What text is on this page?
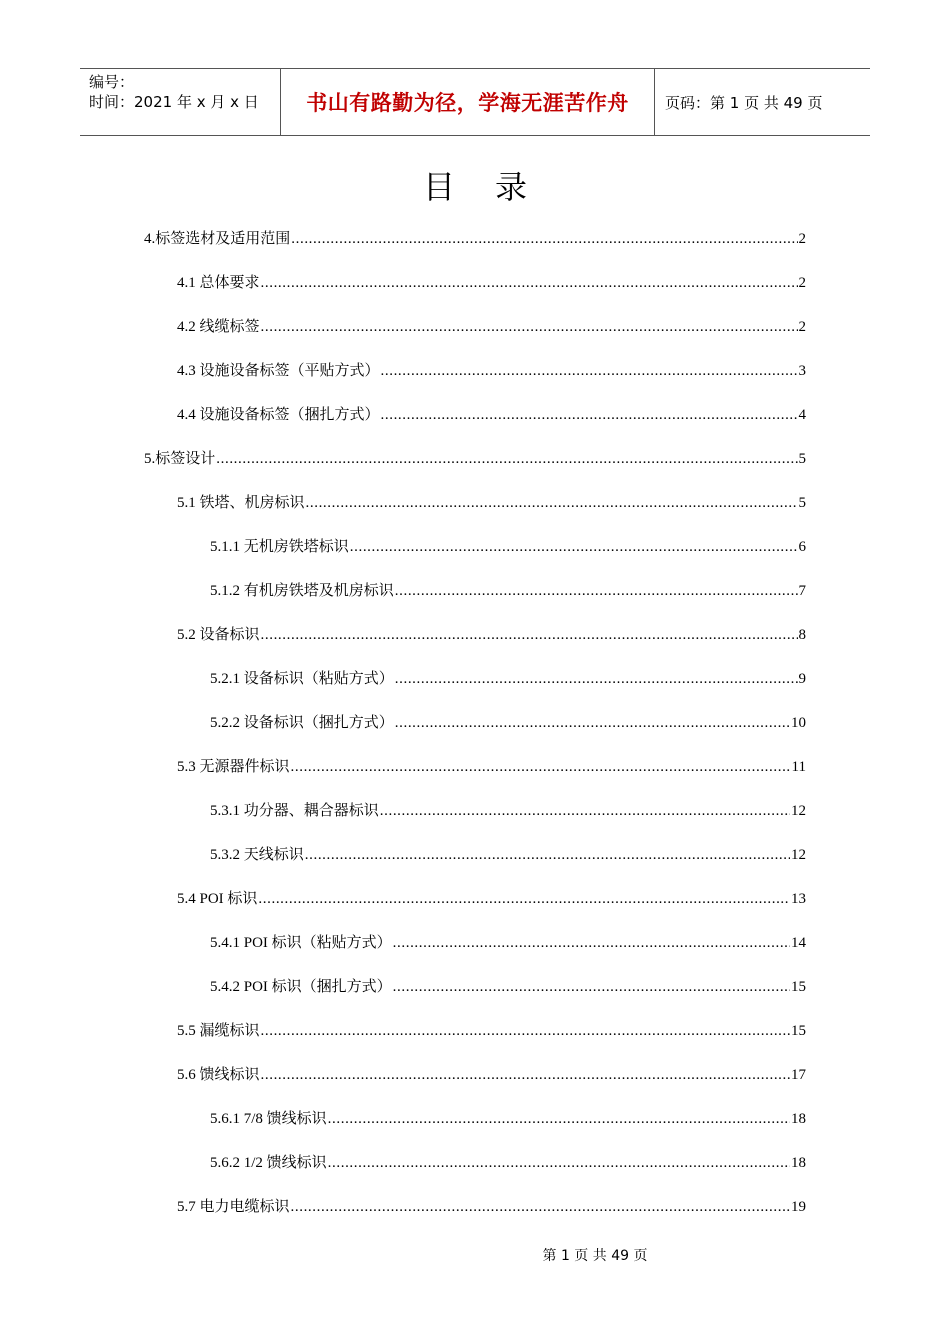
编号：
时间：2021 年 x 月 x 日	书山有路勤为径，学海无涯苦作舟 页码：第 1 页 共 49 页
目录
4.标签选材及适用范围 .....	2
4.1 总体要求 .....	2
4.2 线缆标签 .....	2
4.3 设施设备标签（平贴方式） .....	3
4.4 设施设备标签（捆扎方式） .....	4
5.标签设计 .....	5
5.1 铁塔、机房标识 .....	5
5.1.1 无机房铁塔标识 .....	6
5.1.2 有机房铁塔及机房标识 .....	7
5.2 设备标识 .....	8
5.2.1 设备标识（粘贴方式） .....	9
5.2.2 设备标识（捆扎方式） .....	10
5.3 无源器件标识 .....	11
5.3.1 功分器、耦合器标识 .....	12
5.3.2 天线标识 .....	12
5.4 POI 标识 .....	13
5.4.1 POI 标识（粘贴方式） .....	14
5.4.2 POI 标识（捆扎方式） .....	15
5.5 漏缆标识 .....	15
5.6 馈线标识 .....	17
5.6.1 7/8 馈线标识 .....	18
5.6.2 1/2 馈线标识 .....	18
5.7 电力电缆标识 .....	19
第 1 页 共 49 页
